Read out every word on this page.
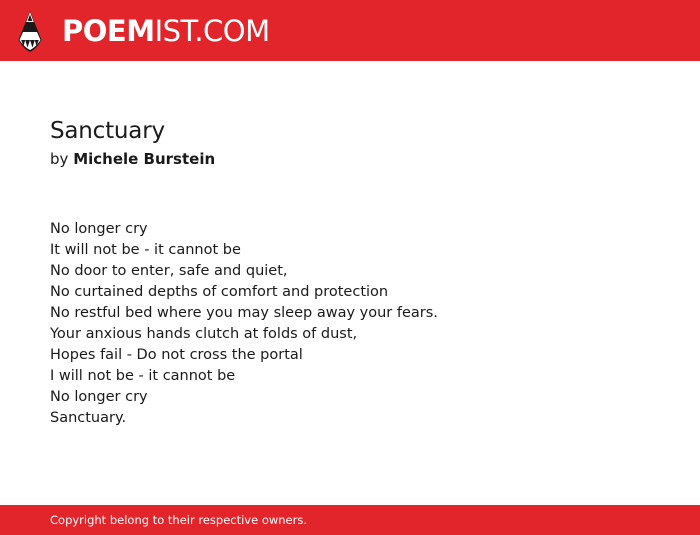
POEMIST.COM
Sanctuary
by Michele Burstein
No longer cry
It will not be - it cannot be
No door to enter, safe and quiet,
No curtained depths of comfort and protection
No restful bed where you may sleep away your fears.
Your anxious hands clutch at folds of dust,
Hopes fail - Do not cross the portal
I will not be - it cannot be
No longer cry
Sanctuary.
Copyright belong to their respective owners.
